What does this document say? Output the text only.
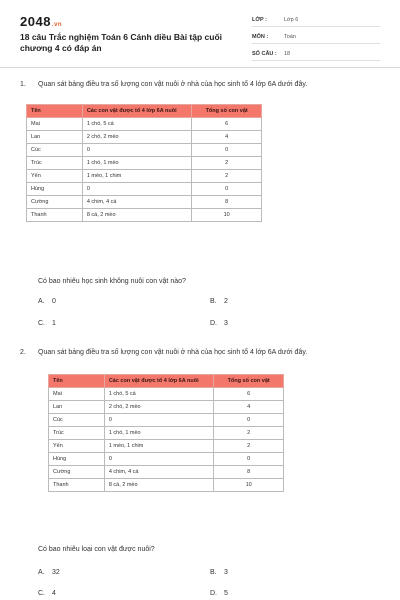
2048.vn
18 câu Trắc nghiệm Toán 6 Cánh diều Bài tập cuối chương 4 có đáp án
LỚP :	Lớp 6
MÔN :	Toán
SỐ CÂU :	18
1.	Quan sát bảng điều tra số lượng con vật nuôi ở nhà của học sinh tổ 4 lớp 6A dưới đây.
Tên	Các con vật được tổ 4 lớp 6A nuôi	Tổng số con vật
Mai	1 chó, 5 cá	6
Lan	2 chó, 2 mèo	4
Cúc	0	0
Trúc	1 chó, 1 mèo	2
Yến	1 mèo, 1 chim	2
Hùng	0	0
Cường	4 chim, 4 cá	8
Thanh	8 cá, 2 mèo	10
Có bao nhiêu học sinh không nuôi con vật nào?
A. 0	B. 2
C. 1	D. 3
2.	Quan sát bảng điều tra số lượng con vật nuôi ở nhà của học sinh tổ 4 lớp 6A dưới đây.
Tên	Các con vật được tổ 4 lớp 6A nuôi	Tổng số con vật
Mai	1 chó, 5 cá	6
Lan	2 chó, 2 mèo	4
Cúc	0	0
Trúc	1 chó, 1 mèo	2
Yến	1 mèo, 1 chim	2
Hùng	0	0
Cường	4 chim, 4 cá	8
Thanh	8 cá, 2 mèo	10
Có bao nhiêu loại con vật được nuôi?
A. 32	B. 3
C. 4	D. 5
